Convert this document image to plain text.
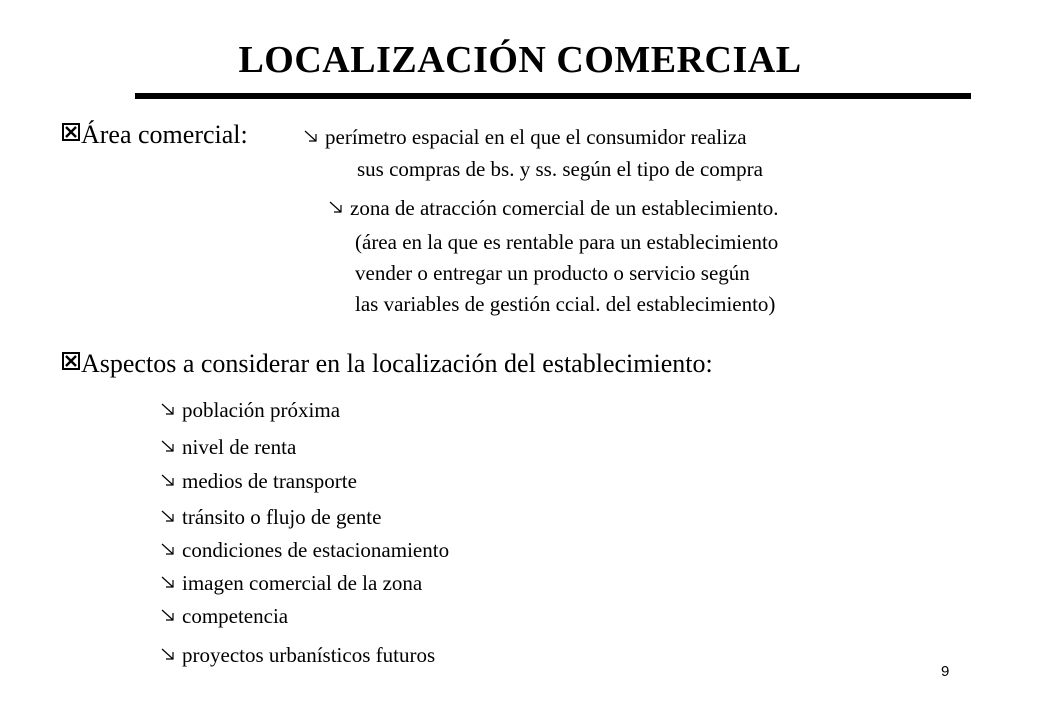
LOCALIZACIÓN COMERCIAL
Área comercial:	perímetro espacial en el que el consumidor realiza
sus compras de bs. y ss. según el tipo de compra
zona de atracción comercial de un establecimiento.
(área en la que es rentable para un establecimiento
vender o entregar un producto o servicio según
las variables de gestión ccial. del establecimiento)
Aspectos a considerar en la localización del establecimiento:
población próxima
nivel de renta
medios de transporte
tránsito o flujo de gente
condiciones de estacionamiento
imagen comercial de la zona
competencia
proyectos urbanísticos futuros
9
